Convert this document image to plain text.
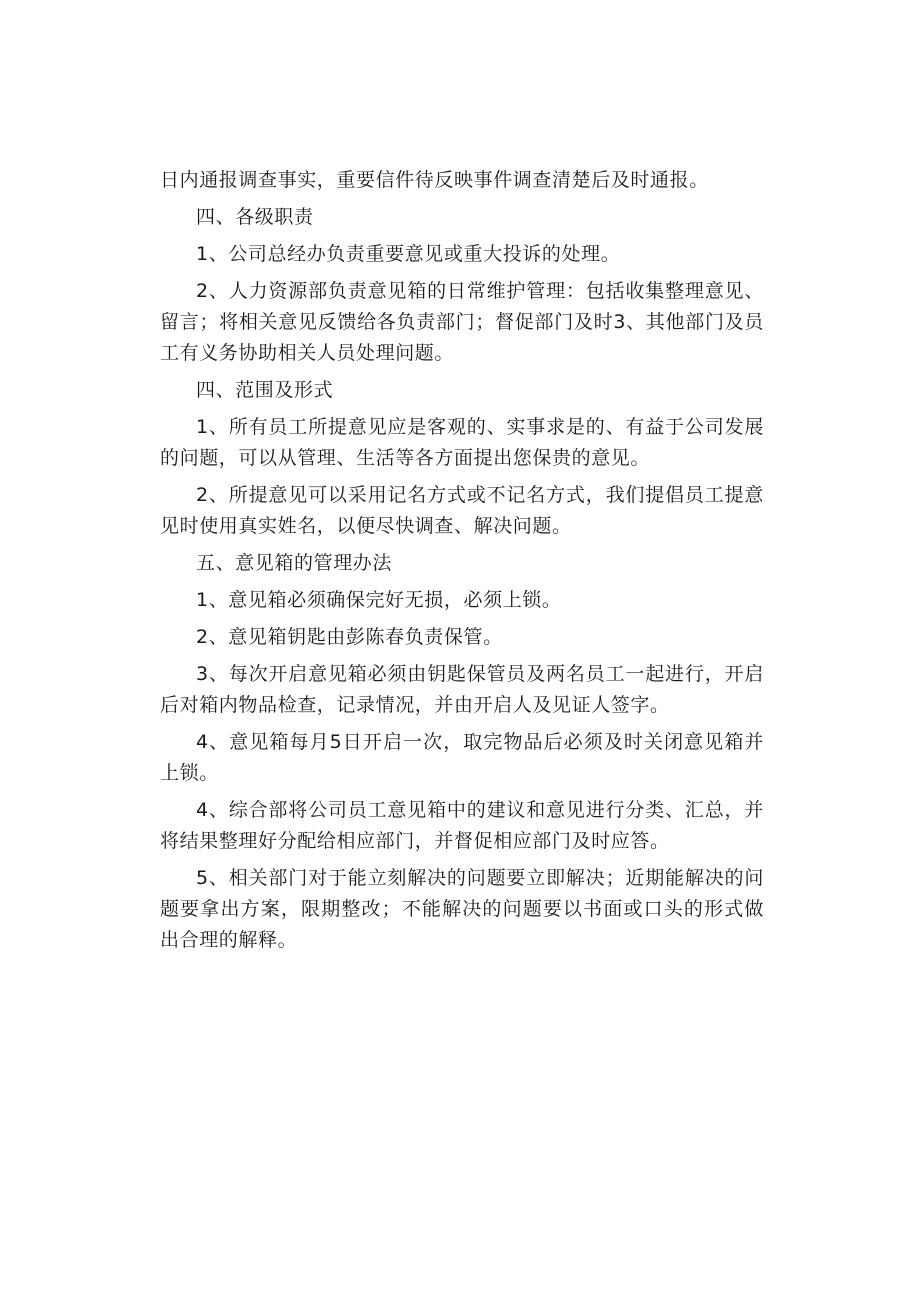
日内通报调查事实，重要信件待反映事件调查清楚后及时通报。

四、各级职责

1、公司总经办负责重要意见或重大投诉的处理。

2、人力资源部负责意见箱的日常维护管理：包括收集整理意见、留言；将相关意见反馈给各负责部门；督促部门及时3、其他部门及员工有义务协助相关人员处理问题。

四、范围及形式

1、所有员工所提意见应是客观的、实事求是的、有益于公司发展的问题，可以从管理、生活等各方面提出您保贵的意见。

2、所提意见可以采用记名方式或不记名方式，我们提倡员工提意见时使用真实姓名，以便尽快调查、解决问题。

五、意见箱的管理办法

1、意见箱必须确保完好无损，必须上锁。

2、意见箱钥匙由彭陈春负责保管。

3、每次开启意见箱必须由钥匙保管员及两名员工一起进行，开启后对箱内物品检查，记录情况，并由开启人及见证人签字。

4、意见箱每月5日开启一次，取完物品后必须及时关闭意见箱并上锁。

4、综合部将公司员工意见箱中的建议和意见进行分类、汇总，并将结果整理好分配给相应部门，并督促相应部门及时应答。

5、相关部门对于能立刻解决的问题要立即解决；近期能解决的问题要拿出方案，限期整改；不能解决的问题要以书面或口头的形式做出合理的解释。
